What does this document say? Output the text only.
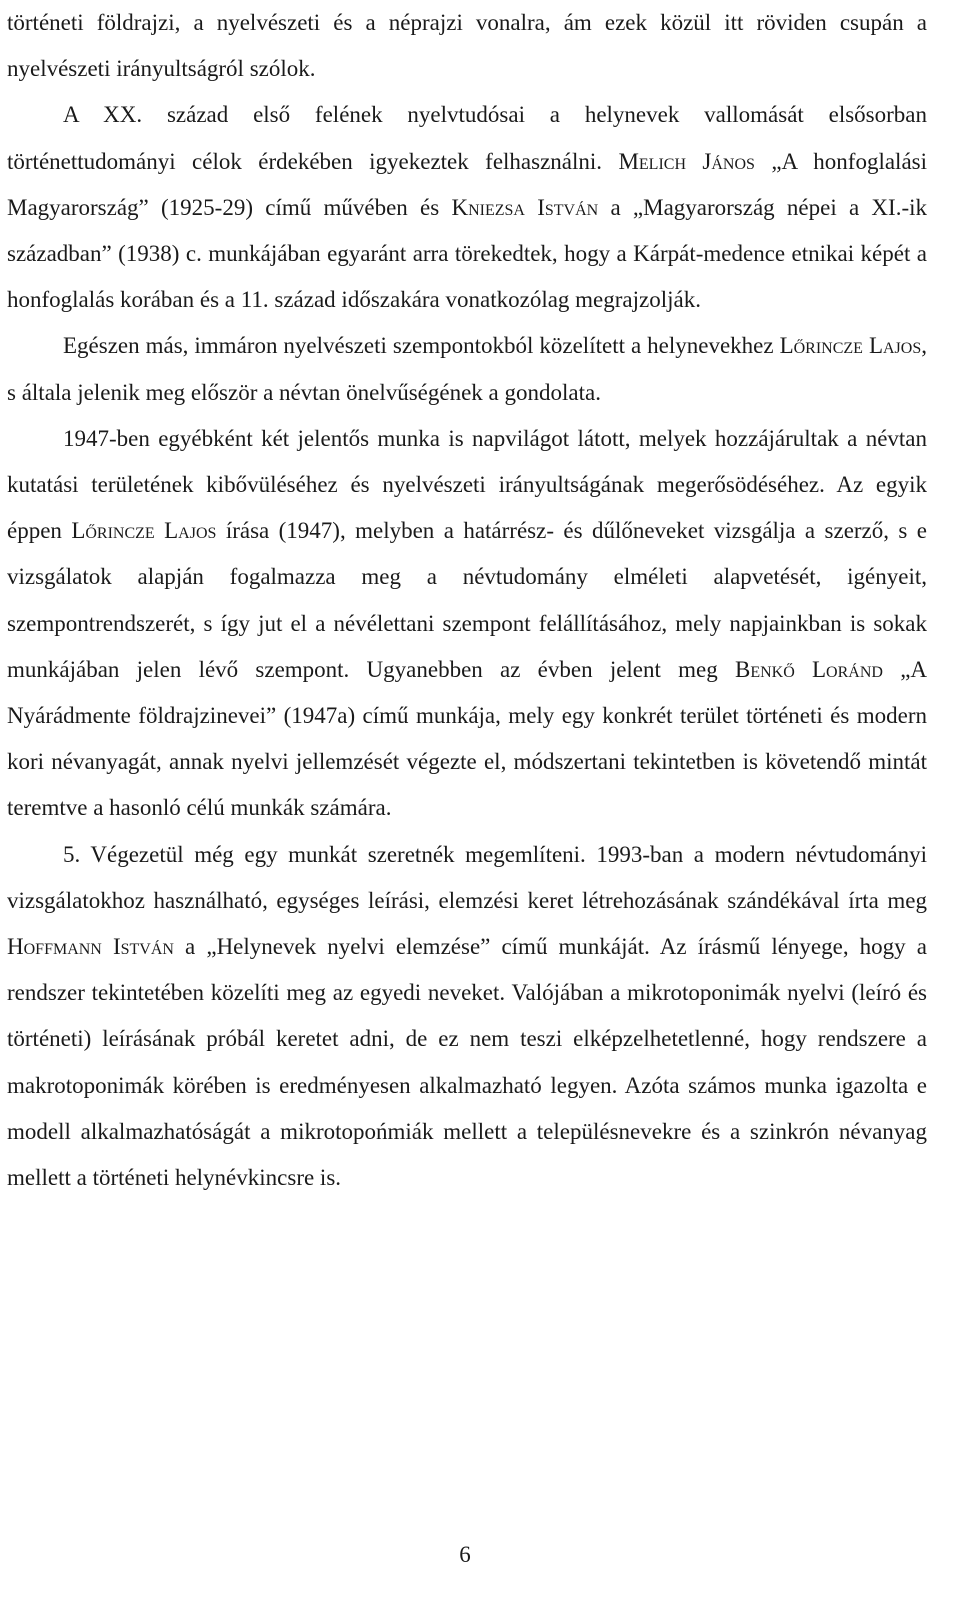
történeti földrajzi, a nyelvészeti és a néprajzi vonalra, ám ezek közül itt röviden csupán a nyelvészeti irányultságról szólok.

A XX. század első felének nyelvtudósai a helynevek vallomását elsősorban történettudományi célok érdekében igyekeztek felhasználni. Melich János „A honfoglalási Magyarország” (1925-29) című művében és Kniezsa István a „Magyarország népei a XI.-ik században” (1938) c. munkájában egyaránt arra törekedtek, hogy a Kárpát-medence etnikai képét a honfoglalás korában és a 11. század időszakára vonatkozólag megrajzolják.

Egészen más, immáron nyelvészeti szempontokból közelített a helynevekhez Lőrincze Lajos, s általa jelenik meg először a névtan önelvűségének a gondolata.

1947-ben egyébként két jelentős munka is napvilágot látott, melyek hozzájárultak a névtan kutatási területének kibővüléséhez és nyelvészeti irányultságának megerősödéséhez. Az egyik éppen Lőrincze Lajos írása (1947), melyben a határrész- és dűlőneveket vizsgálja a szerző, s e vizsgálatok alapján fogalmazza meg a névtudomány elméleti alapvetését, igényeit, szempontrendszerét, s így jut el a névélettani szempont felállításához, mely napjainkban is sokak munkájában jelen lévő szempont. Ugyanebben az évben jelent meg Benkő Loránd „A Nyárádmente földrajzinevei” (1947a) című munkája, mely egy konkrét terület történeti és modern kori névanyagát, annak nyelvi jellemzését végezte el, módszertani tekintetben is követendő mintát teremtve a hasonló célú munkák számára.

5. Végezetül még egy munkát szeretnék megemlíteni. 1993-ban a modern névtudományi vizsgálatokhoz használható, egységes leírási, elemzési keret létrehozásának szándékával írta meg Hoffmann István a „Helynevek nyelvi elemzése” című munkáját. Az írásmű lényege, hogy a rendszer tekintetében közelíti meg az egyedi neveket. Valójában a mikrotoponimák nyelvi (leíró és történeti) leírásának próbál keretet adni, de ez nem teszi elképzelhetetlenné, hogy rendszere a makrotoponimák körében is eredményesen alkalmazható legyen. Azóta számos munka igazolta e modell alkalmazhatóságát a mikrotopońmiák mellett a településnevekre és a szinkrón névanyag mellett a történeti helynévkincsre is.

6
